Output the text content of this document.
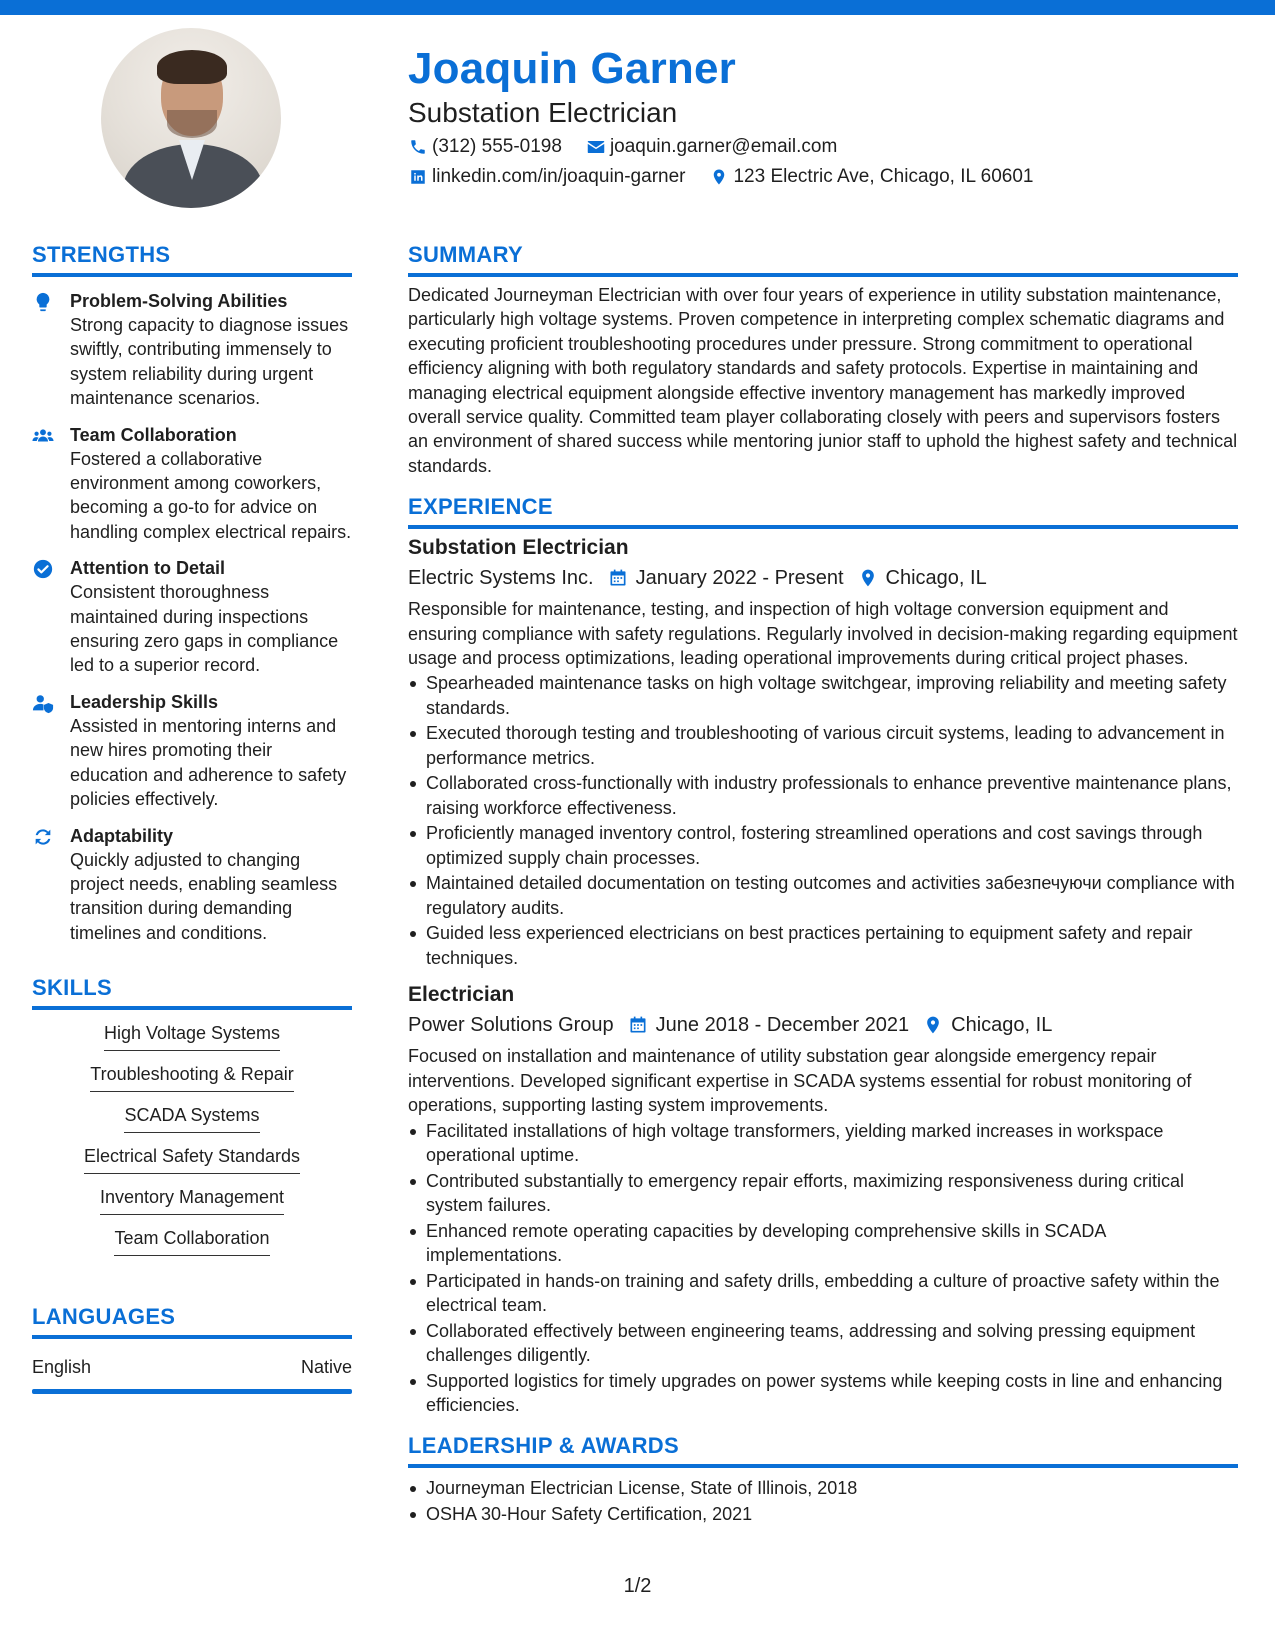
Joaquin Garner
Substation Electrician
(312) 555-0198	joaquin.garner@email.com
linkedin.com/in/joaquin-garner	123 Electric Ave, Chicago, IL 60601
STRENGTHS
Problem-Solving Abilities
Strong capacity to diagnose issues swiftly, contributing immensely to system reliability during urgent maintenance scenarios.
Team Collaboration
Fostered a collaborative environment among coworkers, becoming a go-to for advice on handling complex electrical repairs.
Attention to Detail
Consistent thoroughness maintained during inspections ensuring zero gaps in compliance led to a superior record.
Leadership Skills
Assisted in mentoring interns and new hires promoting their education and adherence to safety policies effectively.
Adaptability
Quickly adjusted to changing project needs, enabling seamless transition during demanding timelines and conditions.
SKILLS
High Voltage Systems
Troubleshooting & Repair
SCADA Systems
Electrical Safety Standards
Inventory Management
Team Collaboration
LANGUAGES
English	Native
SUMMARY
Dedicated Journeyman Electrician with over four years of experience in utility substation maintenance, particularly high voltage systems. Proven competence in interpreting complex schematic diagrams and executing proficient troubleshooting procedures under pressure. Strong commitment to operational efficiency aligning with both regulatory standards and safety protocols. Expertise in maintaining and managing electrical equipment alongside effective inventory management has markedly improved overall service quality. Committed team player collaborating closely with peers and supervisors fosters an environment of shared success while mentoring junior staff to uphold the highest safety and technical standards.
EXPERIENCE
Substation Electrician
Electric Systems Inc. January 2022 - Present Chicago, IL
Responsible for maintenance, testing, and inspection of high voltage conversion equipment and ensuring compliance with safety regulations. Regularly involved in decision-making regarding equipment usage and process optimizations, leading operational improvements during critical project phases.
Spearheaded maintenance tasks on high voltage switchgear, improving reliability and meeting safety standards.
Executed thorough testing and troubleshooting of various circuit systems, leading to advancement in performance metrics.
Collaborated cross-functionally with industry professionals to enhance preventive maintenance plans, raising workforce effectiveness.
Proficiently managed inventory control, fostering streamlined operations and cost savings through optimized supply chain processes.
Maintained detailed documentation on testing outcomes and activities забезпечуючи compliance with regulatory audits.
Guided less experienced electricians on best practices pertaining to equipment safety and repair techniques.
Electrician
Power Solutions Group June 2018 - December 2021 Chicago, IL
Focused on installation and maintenance of utility substation gear alongside emergency repair interventions. Developed significant expertise in SCADA systems essential for robust monitoring of operations, supporting lasting system improvements.
Facilitated installations of high voltage transformers, yielding marked increases in workspace operational uptime.
Contributed substantially to emergency repair efforts, maximizing responsiveness during critical system failures.
Enhanced remote operating capacities by developing comprehensive skills in SCADA implementations.
Participated in hands-on training and safety drills, embedding a culture of proactive safety within the electrical team.
Collaborated effectively between engineering teams, addressing and solving pressing equipment challenges diligently.
Supported logistics for timely upgrades on power systems while keeping costs in line and enhancing efficiencies.
LEADERSHIP & AWARDS
Journeyman Electrician License, State of Illinois, 2018
OSHA 30-Hour Safety Certification, 2021
1/2
